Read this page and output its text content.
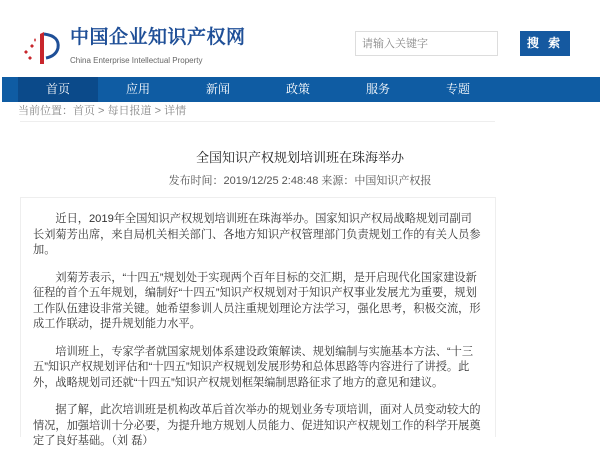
中国企业知识产权网
China Enterprise Intellectual Property
请输入关键字	搜 索
首页	应用	新闻	政策	服务	专题
当前位置：首页 > 每日报道 > 详情
全国知识产权规划培训班在珠海举办
发布时间：2019/12/25 2:48:48 来源：中国知识产权报

近日，2019年全国知识产权规划培训班在珠海举办。国家知识产权局战略规划司副司长刘菊芳出席，来自局机关相关部门、各地方知识产权管理部门负责规划工作的有关人员参加。

刘菊芳表示，“十四五”规划处于实现两个百年目标的交汇期，是开启现代化国家建设新征程的首个五年规划，编制好“十四五”知识产权规划对于知识产权事业发展尤为重要，规划工作队伍建设非常关键。她希望参训人员注重规划理论方法学习，强化思考，积极交流，形成工作联动，提升规划能力水平。

培训班上，专家学者就国家规划体系建设政策解读、规划编制与实施基本方法、“十三五”知识产权规划评估和“十四五”知识产权规划发展形势和总体思路等内容进行了讲授。此外，战略规划司还就“十四五”知识产权规划框架编制思路征求了地方的意见和建议。

据了解，此次培训班是机构改革后首次举办的规划业务专项培训，面对人员变动较大的情况，加强培训十分必要，为提升地方规划人员能力、促进知识产权规划工作的科学开展奠定了良好基础。（刘 磊）
